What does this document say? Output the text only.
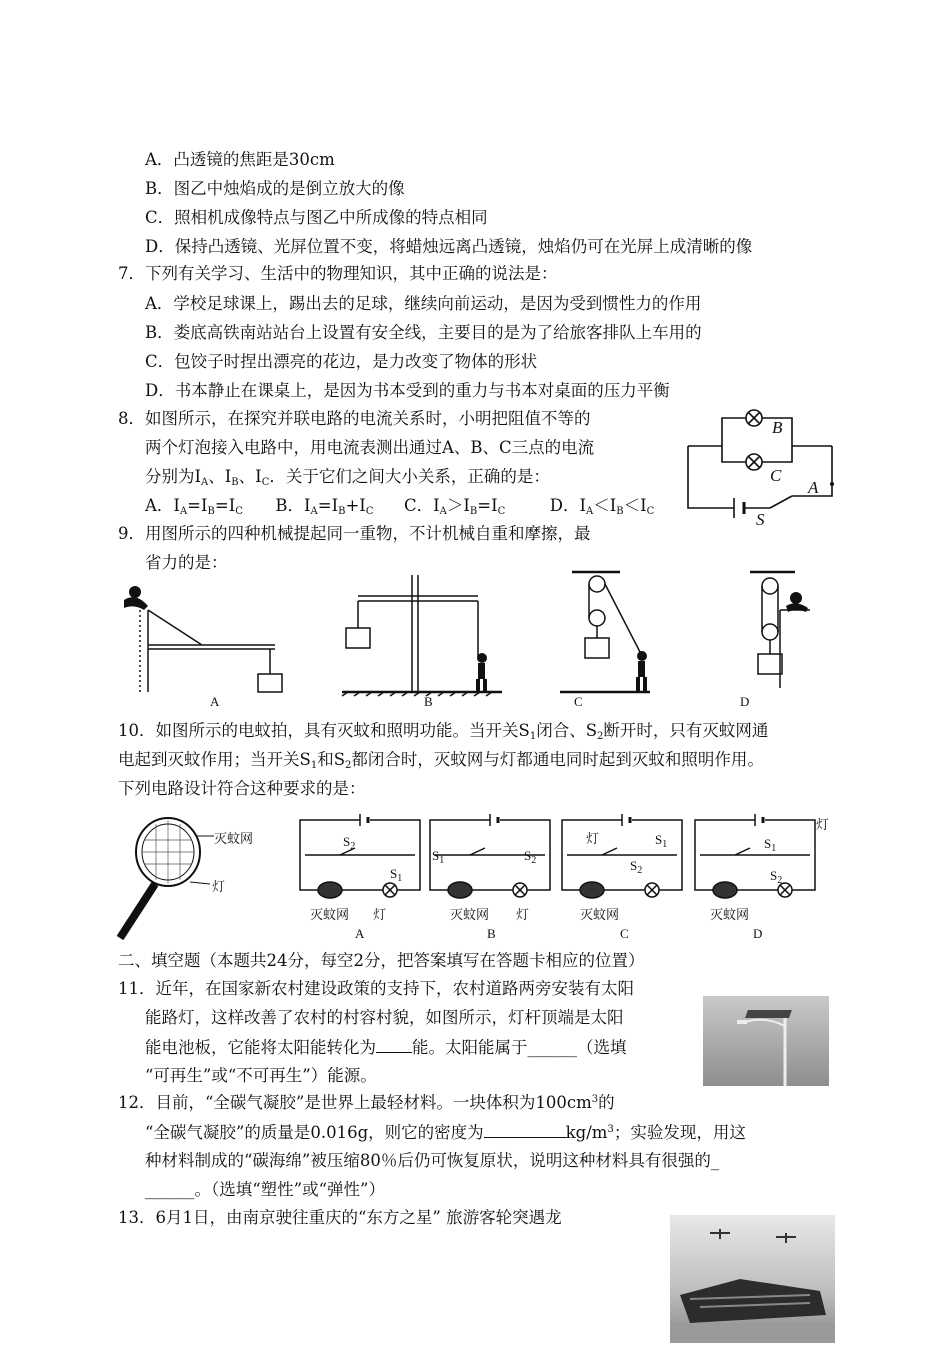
A．凸透镜的焦距是30cm
B．图乙中烛焰成的是倒立放大的像
C．照相机成像特点与图乙中所成像的特点相同
D．保持凸透镜、光屏位置不变，将蜡烛远离凸透镜，烛焰仍可在光屏上成清晰的像
7．下列有关学习、生活中的物理知识，其中正确的说法是：
A．学校足球课上，踢出去的足球，继续向前运动，是因为受到惯性力的作用
B．娄底高铁南站站台上设置有安全线，主要目的是为了给旅客排队上车用的
C．包饺子时捏出漂亮的花边，是力改变了物体的形状
D．书本静止在课桌上，是因为书本受到的重力与书本对桌面的压力平衡
8．如图所示，在探究并联电路的电流关系时，小明把阻值不等的
两个灯泡接入电路中，用电流表测出通过A、B、C三点的电流
分别为IA、IB、IC．关于它们之间大小关系，正确的是：
A．IA=IB=IC B．IA=IB+IC C．IA＞IB=IC	D．IA＜IB＜IC
B
C
A
S
9．用图所示的四种机械提起同一重物，不计机械自重和摩擦，最
省力的是：
A	B	C	D
10．如图所示的电蚊拍，具有灭蚊和照明功能。当开关S1闭合、S2断开时，只有灭蚊网通
电起到灭蚊作用；当开关S1和S2都闭合时，灭蚊网与灯都通电同时起到灭蚊和照明作用。
下列电路设计符合这种要求的是：
灭蚊网
灯
灭蚊网 灯
A
灭蚊网 灯
B
灭蚊网
灯
C
灭蚊网
灯
D
$S_2$
$S_1$
$S_1$	$S_2$
$S_1$
$S_2$
$S_1$
$S_2$
二、填空题（本题共24分，每空2分，把答案填写在答题卡相应的位置）
11．近年，在国家新农村建设政策的支持下，农村道路两旁安装有太阳
能路灯，这样改善了农村的村容村貌，如图所示，灯杆顶端是太阳
能电池板，它能将太阳能转化为 能。太阳能属于______（选填
“可再生”或“不可再生”）能源。
12．目前，“全碳气凝胶”是世界上最轻材料。一块体积为$100cm^3$的
“全碳气凝胶”的质量是0.016g，则它的密度为	$kg/m^3$；实验发现，用这
种材料制成的“碳海绵”被压缩80％后仍可恢复原状，说明这种材料具有很强的_
______。（选填“塑性”或“弹性”）
13．6月1日，由南京驶往重庆的“东方之星” 旅游客轮突遇龙
